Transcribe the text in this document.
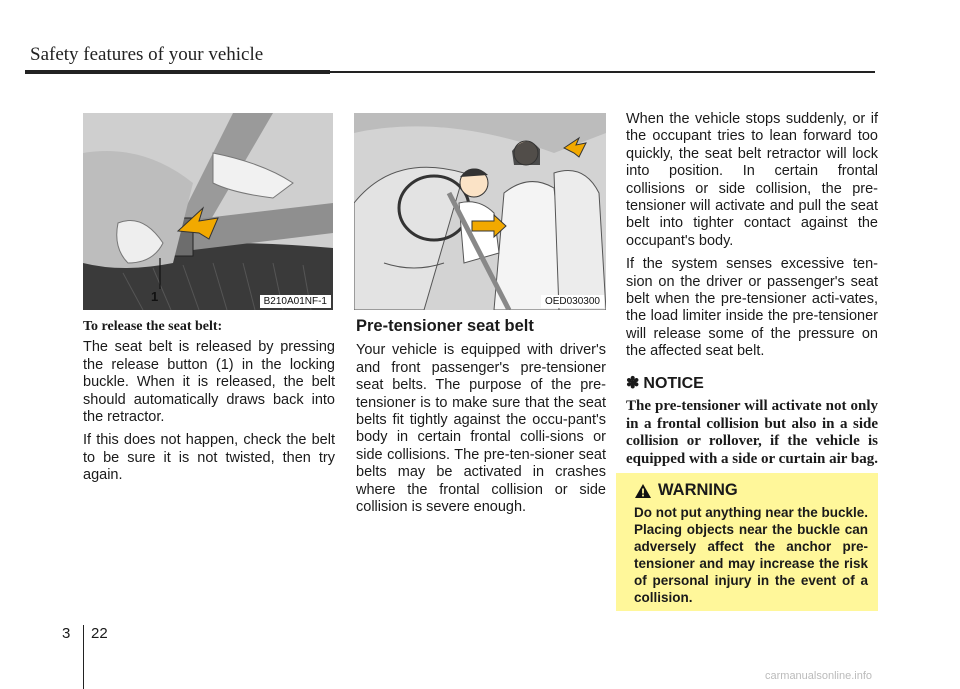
Safety features of your vehicle
1	B210A01NF-1	OED030300
To release the seat belt:

The seat belt is released by pressing the release button (1) in the locking buckle. When it is released, the belt should automatically draws back into the retractor.

If this does not happen, check the belt to be sure it is not twisted, then try again.

Pre-tensioner seat belt

Your vehicle is equipped with driver's and front passenger's pre-tensioner seat belts. The purpose of the pre-tensioner is to make sure that the seat belts fit tightly against the occu-pant's body in certain frontal colli-sions or side collisions. The pre-ten-sioner seat belts may be activated in crashes where the frontal collision or side collision is severe enough.

When the vehicle stops suddenly, or if the occupant tries to lean forward too quickly, the seat belt retractor will lock into position. In certain frontal collisions or side collision, the pre-tensioner will activate and pull the seat belt into tighter contact against the occupant's body.

If the system senses excessive ten-sion on the driver or passenger's seat belt when the pre-tensioner acti-vates, the load limiter inside the pre-tensioner will release some of the pressure on the affected seat belt.

✽ NOTICE

The pre-tensioner will activate not only in a frontal collision but also in a side collision or rollover, if the vehicle is equipped with a side or curtain air bag.

WARNING

Do not put anything near the buckle. Placing objects near the buckle can adversely affect the anchor pre-tensioner and may increase the risk of personal injury in the event of a collision.

3 22
carmanualsonline.info
